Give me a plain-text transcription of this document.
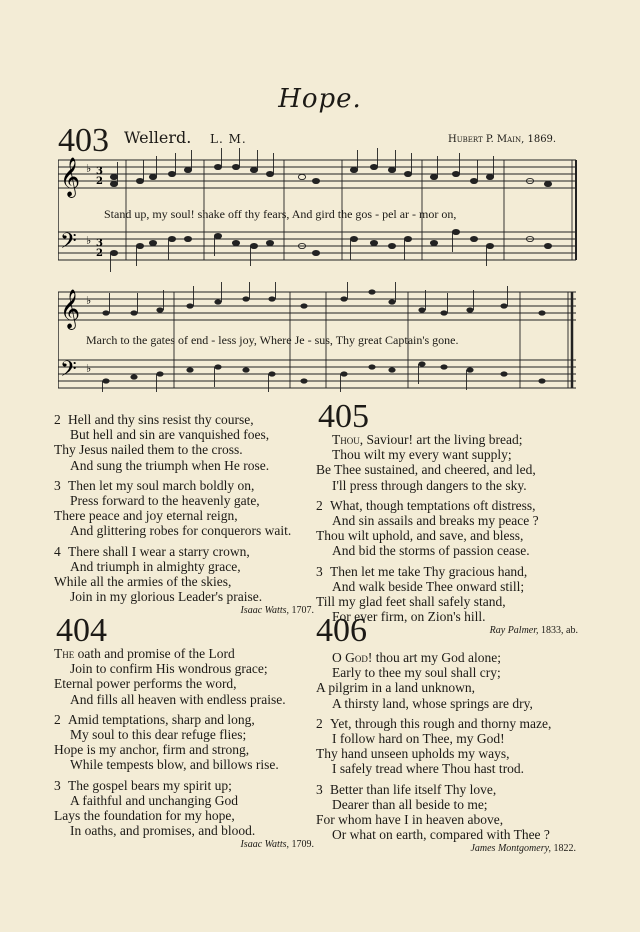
Hope.
403 Wellerd. L. M.	Hubert P. Main, 1869.
𝄞
𝄢
♭
♭
3
2
3
2
Stand up, my soul! shake off thy fears, And gird the gos - pel ar - mor on,
𝄞
𝄢
♭
♭
March to the gates of end - less joy, Where Je - sus, Thy great Captain's gone.
2 Hell and thy sins resist thy course,
But hell and sin are vanquished foes,
Thy Jesus nailed them to the cross.
And sung the triumph when He rose.
3 Then let my soul march boldly on,
Press forward to the heavenly gate,
There peace and joy eternal reign,
And glittering robes for conquerors wait.
4 There shall I wear a starry crown,
And triumph in almighty grace,
While all the armies of the skies,
Join in my glorious Leader's praise.
Isaac Watts, 1707.
404
The oath and promise of the Lord
Join to confirm His wondrous grace;
Eternal power performs the word,
And fills all heaven with endless praise.
2 Amid temptations, sharp and long,
My soul to this dear refuge flies;
Hope is my anchor, firm and strong,
While tempests blow, and billows rise.
3 The gospel bears my spirit up;
A faithful and unchanging God
Lays the foundation for my hope,
In oaths, and promises, and blood.
Isaac Watts, 1709.
405
Thou, Saviour! art the living bread;
Thou wilt my every want supply;
Be Thee sustained, and cheered, and led,
I'll press through dangers to the sky.
2 What, though temptations oft distress,
And sin assails and breaks my peace ?
Thou wilt uphold, and save, and bless,
And bid the storms of passion cease.
3 Then let me take Thy gracious hand,
And walk beside Thee onward still;
Till my glad feet shall safely stand,
For ever firm, on Zion's hill.
Ray Palmer, 1833, ab.
406
O God! thou art my God alone;
Early to thee my soul shall cry;
A pilgrim in a land unknown,
A thirsty land, whose springs are dry,
2 Yet, through this rough and thorny maze,
I follow hard on Thee, my God!
Thy hand unseen upholds my ways,
I safely tread where Thou hast trod.
3 Better than life itself Thy love,
Dearer than all beside to me;
For whom have I in heaven above,
Or what on earth, compared with Thee ?
James Montgomery, 1822.
